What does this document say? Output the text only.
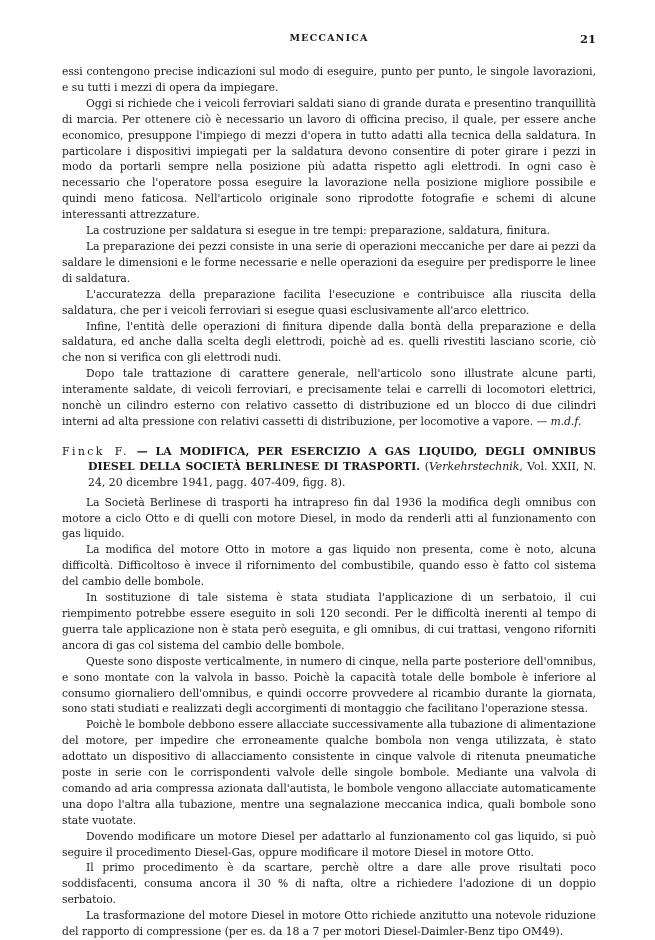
MECCANICA	21

essi contengono precise indicazioni sul modo di eseguire, punto per punto, le singole lavorazioni, e su tutti i mezzi di opera da impiegare.

Oggi si richiede che i veicoli ferroviari saldati siano di grande durata e presentino tranquillità di marcia. Per ottenere ciò è necessario un lavoro di officina preciso, il quale, per essere anche economico, presuppone l'impiego di mezzi d'opera in tutto adatti alla tecnica della saldatura. In particolare i dispositivi impiegati per la saldatura devono consentire di poter girare i pezzi in modo da portarli sempre nella posizione più adatta rispetto agli elettrodi. In ogni caso è necessario che l'operatore possa eseguire la lavorazione nella posizione migliore possibile e quindi meno faticosa. Nell'articolo originale sono riprodotte fotografie e schemi di alcune interessanti attrezzature.

La costruzione per saldatura si esegue in tre tempi: preparazione, saldatura, finitura.

La preparazione dei pezzi consiste in una serie di operazioni meccaniche per dare ai pezzi da saldare le dimensioni e le forme necessarie e nelle operazioni da eseguire per predisporre le linee di saldatura.

L'accuratezza della preparazione facilita l'esecuzione e contribuisce alla riuscita della saldatura, che per i veicoli ferroviari si esegue quasi esclusivamente all'arco elettrico.

Infine, l'entità delle operazioni di finitura dipende dalla bontà della preparazione e della saldatura, ed anche dalla scelta degli elettrodi, poichè ad es. quelli rivestiti lasciano scorie, ciò che non si verifica con gli elettrodi nudi.

Dopo tale trattazione di carattere generale, nell'articolo sono illustrate alcune parti, interamente saldate, di veicoli ferroviari, e precisamente telai e carrelli di locomotori elettrici, nonchè un cilindro esterno con relativo cassetto di distribuzione ed un blocco di due cilindri interni ad alta pressione con relativi cassetti di distribuzione, per locomotive a vapore. — m.d.f.

Finck F. — LA MODIFICA, PER ESERCIZIO A GAS LIQUIDO, DEGLI OMNIBUS DIESEL DELLA SOCIETÀ BERLINESE DI TRASPORTI. (Verkehrstechnik, Vol. XXII, N. 24, 20 dicembre 1941, pagg. 407-409, figg. 8).

La Società Berlinese di trasporti ha intrapreso fin dal 1936 la modifica degli omnibus con motore a ciclo Otto e di quelli con motore Diesel, in modo da renderli atti al funzionamento con gas liquido.

La modifica del motore Otto in motore a gas liquido non presenta, come è noto, alcuna difficoltà. Difficoltoso è invece il rifornimento del combustibile, quando esso è fatto col sistema del cambio delle bombole.

In sostituzione di tale sistema è stata studiata l'applicazione di un serbatoio, il cui riempimento potrebbe essere eseguito in soli 120 secondi. Per le difficoltà inerenti al tempo di guerra tale applicazione non è stata però eseguita, e gli omnibus, di cui trattasi, vengono riforniti ancora di gas col sistema del cambio delle bombole.

Queste sono disposte verticalmente, in numero di cinque, nella parte posteriore dell'omnibus, e sono montate con la valvola in basso. Poichè la capacità totale delle bombole è inferiore al consumo giornaliero dell'omnibus, e quindi occorre provvedere al ricambio durante la giornata, sono stati studiati e realizzati degli accorgimenti di montaggio che facilitano l'operazione stessa.

Poichè le bombole debbono essere allacciate successivamente alla tubazione di alimentazione del motore, per impedire che erroneamente qualche bombola non venga utilizzata, è stato adottato un dispositivo di allacciamento consistente in cinque valvole di ritenuta pneumatiche poste in serie con le corrispondenti valvole delle singole bombole. Mediante una valvola di comando ad aria compressa azionata dall'autista, le bombole vengono allacciate automaticamente una dopo l'altra alla tubazione, mentre una segnalazione meccanica indica, quali bombole sono state vuotate.

Dovendo modificare un motore Diesel per adattarlo al funzionamento col gas liquido, si può seguire il procedimento Diesel-Gas, oppure modificare il motore Diesel in motore Otto.

Il primo procedimento è da scartare, perchè oltre a dare alle prove risultati poco soddisfacenti, consuma ancora il 30 % di nafta, oltre a richiedere l'adozione di un doppio serbatoio.

La trasformazione del motore Diesel in motore Otto richiede anzitutto una notevole riduzione del rapporto di compressione (per es. da 18 a 7 per motori Diesel-Daimler-Benz tipo OM49).
